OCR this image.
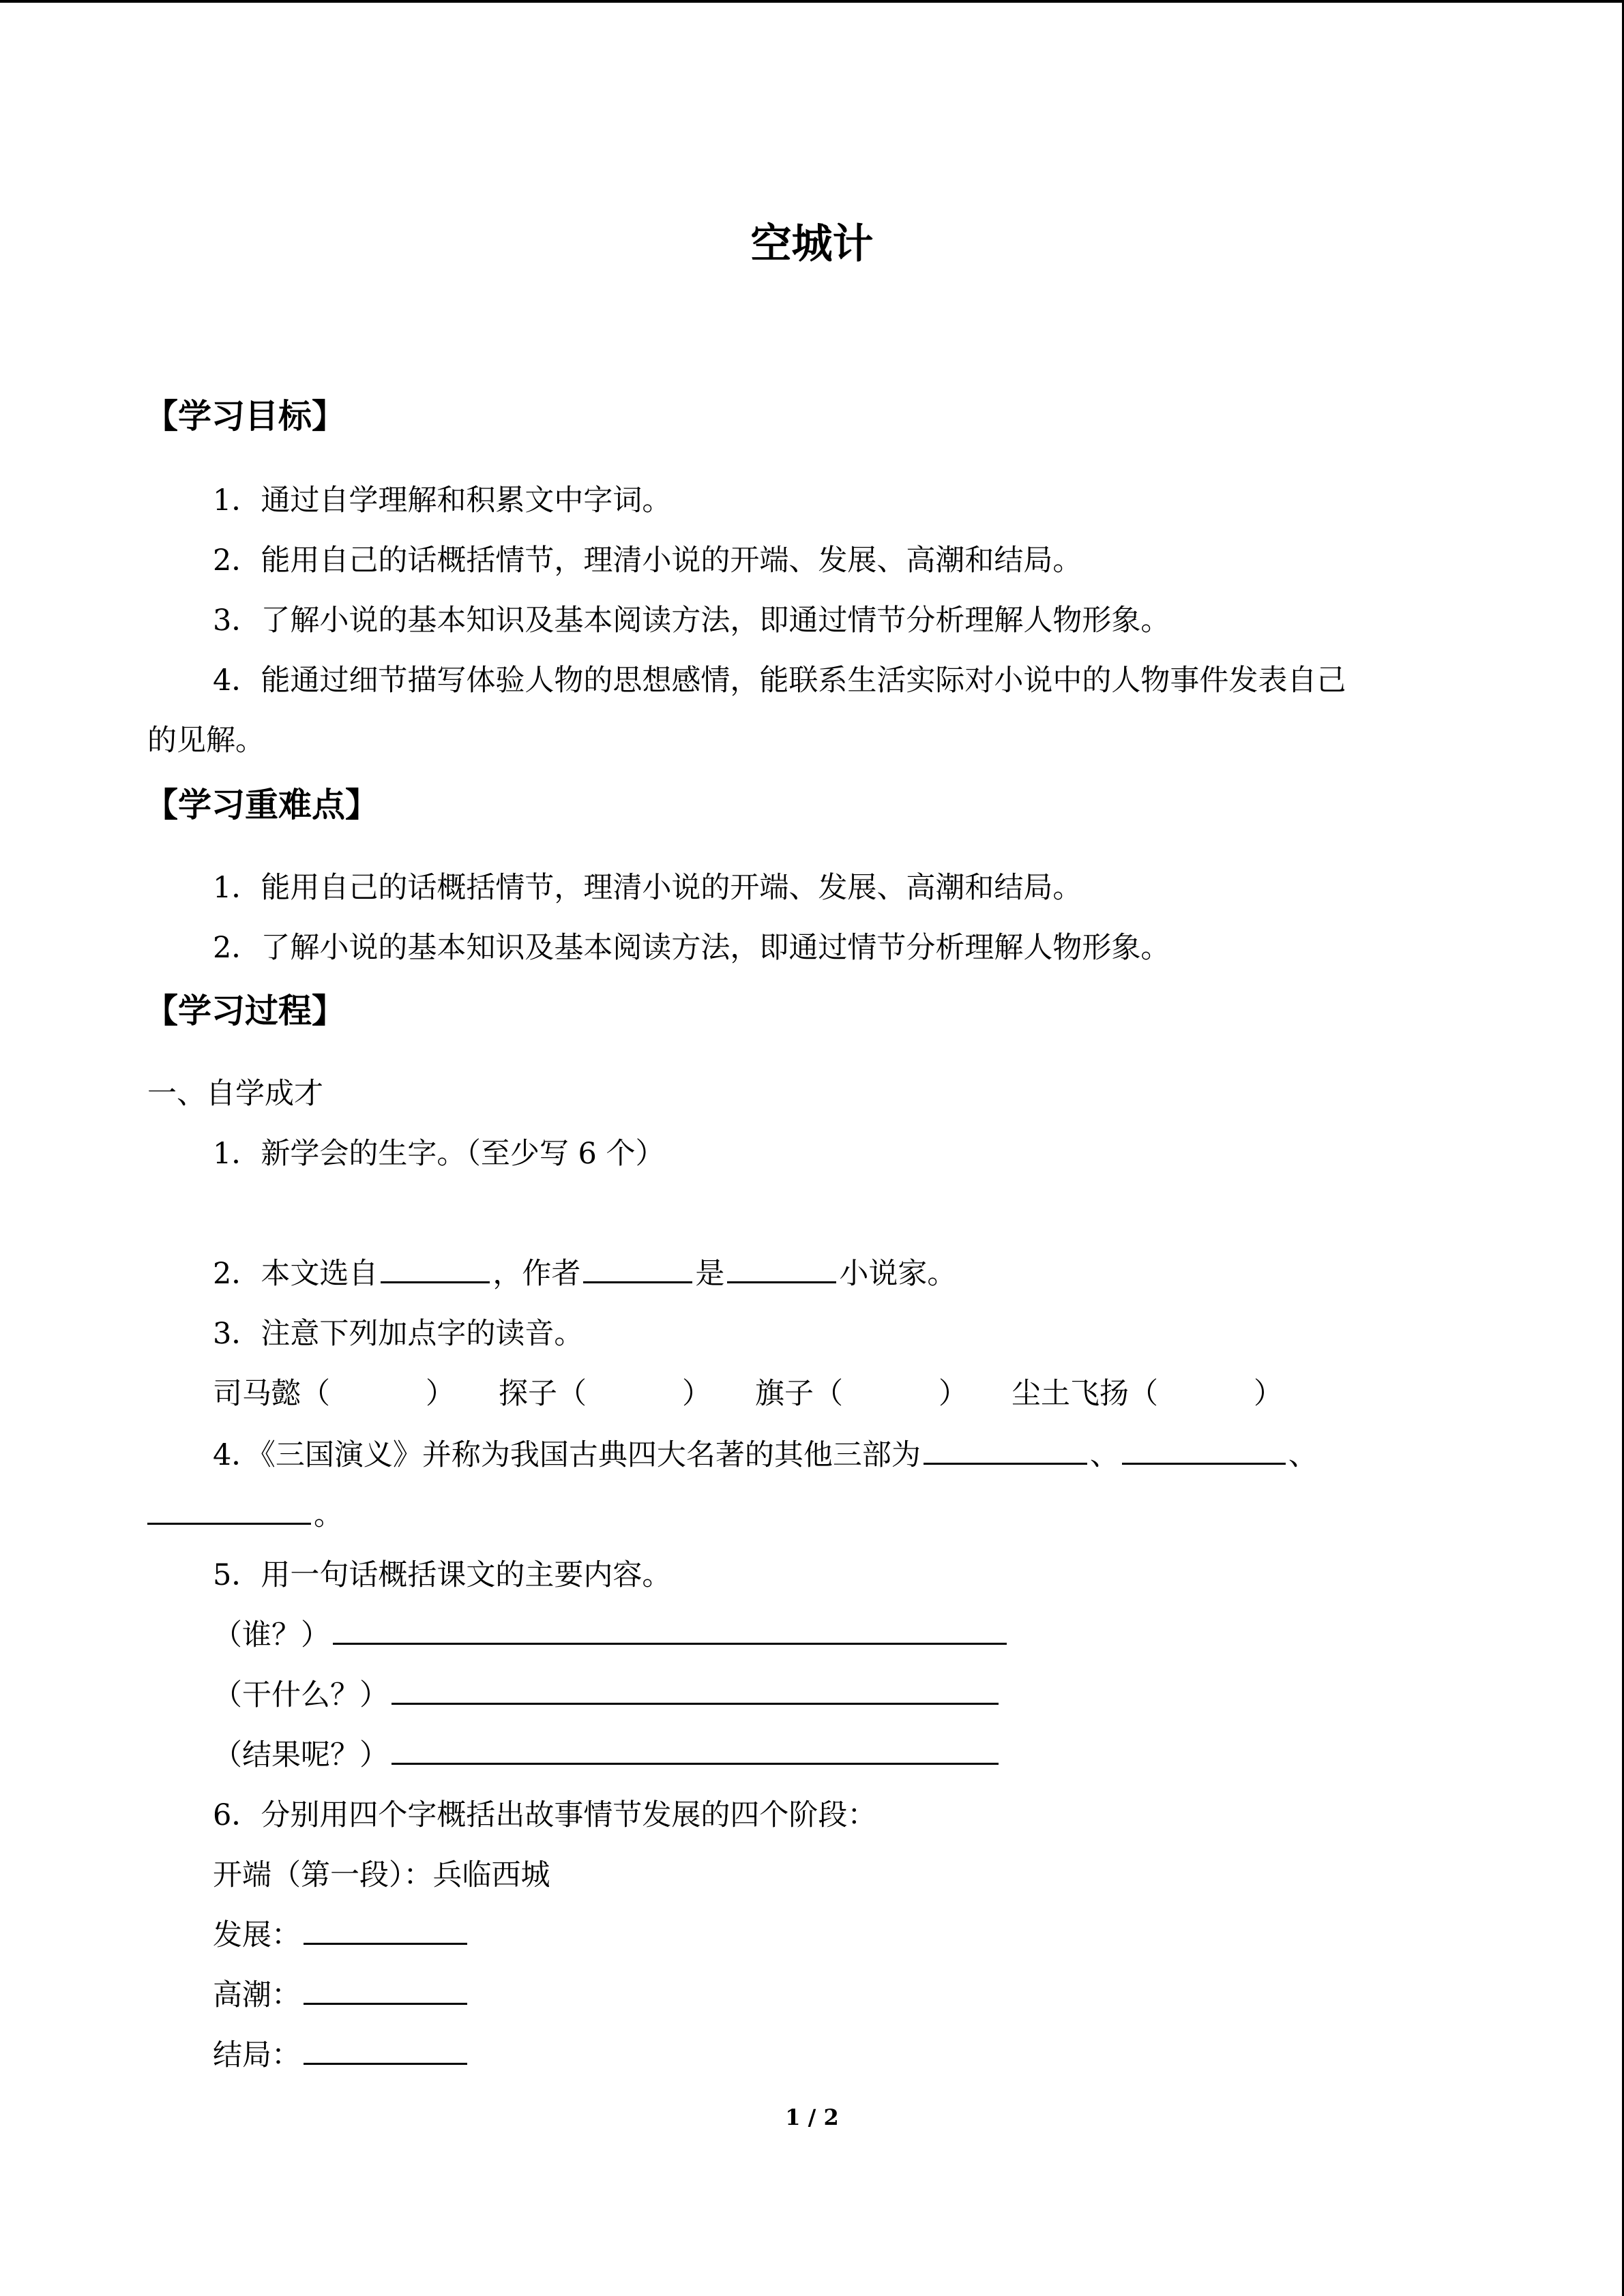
空城计
【学习目标】
1．通过自学理解和积累文中字词。
2．能用自己的话概括情节，理清小说的开端、发展、高潮和结局。
3．了解小说的基本知识及基本阅读方法，即通过情节分析理解人物形象。
4．能通过细节描写体验人物的思想感情，能联系生活实际对小说中的人物事件发表自己
的见解。
【学习重难点】
1．能用自己的话概括情节，理清小说的开端、发展、高潮和结局。
2．了解小说的基本知识及基本阅读方法，即通过情节分析理解人物形象。
【学习过程】
一、自学成才
1．新学会的生字。（至少写 6 个）
2．本文选自	，作者	是	小说家。
3．注意下列加点字的读音。
司马懿（	） 探子（	） 旗子（	） 尘土飞扬（	）
4．《三国演义》并称为我国古典四大名著的其他三部为	、	、
。
5．用一句话概括课文的主要内容。
（谁？）
（干什么？）
（结果呢？）
6．分别用四个字概括出故事情节发展的四个阶段：
开端（第一段）：兵临西城
发展：
高潮：
结局：
1 / 2
